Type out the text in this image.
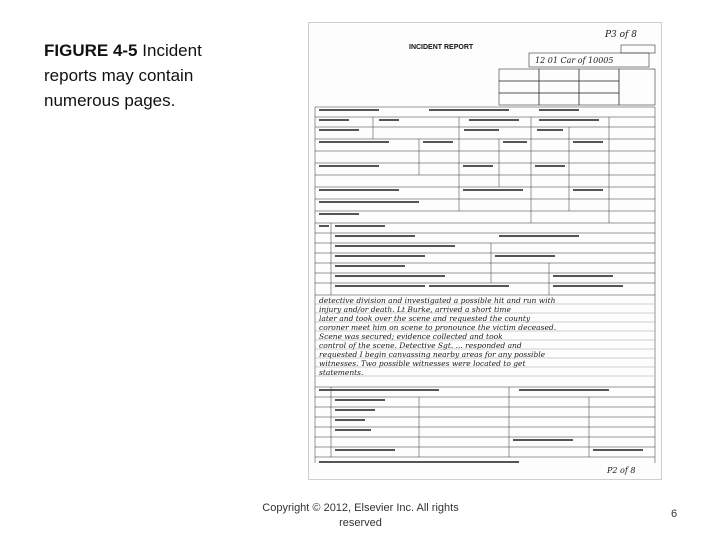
FIGURE 4-5 Incident reports may contain numerous pages.
INCIDENT REPORT
P3 of 8
12 01 Car of 10005
detective division and investigated a possible hit and run with
injury and/or death. Lt Burke, arrived a short time
later and took over the scene and requested the county
coroner meet him on scene to pronounce the victim deceased.
Scene was secured; evidence collected and took
control of the scene. Detective Sgt. ... responded and
requested I begin canvassing nearby areas for any possible
witnesses. Two possible witnesses were located to get
statements.
P2 of 8
Copyright © 2012, Elsevier Inc. All rights reserved
6
